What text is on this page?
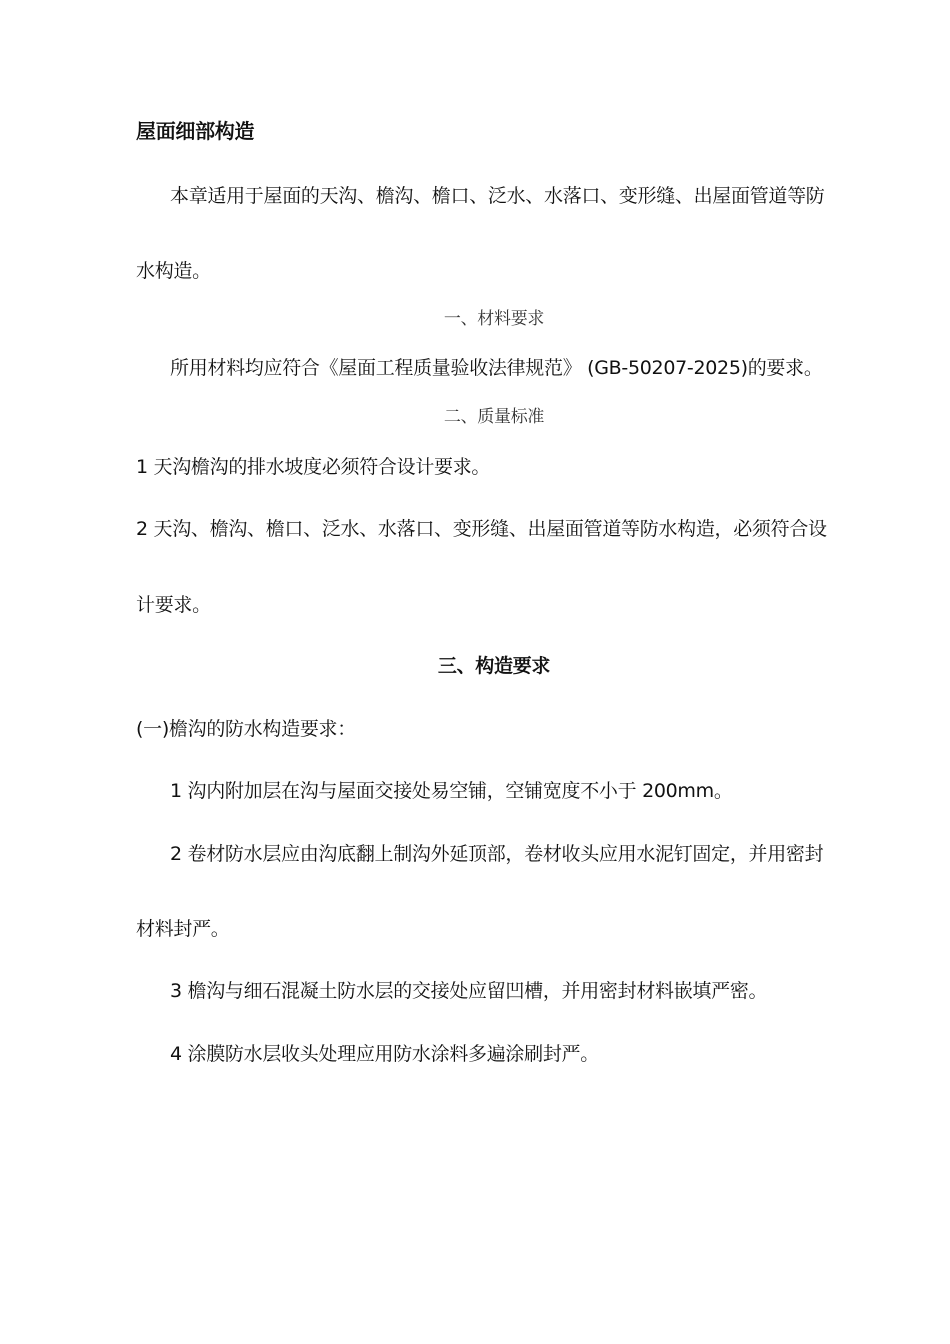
屋面细部构造
本章适用于屋面的天沟、檐沟、檐口、泛水、水落口、变形缝、出屋面管道等防
水构造。
一、材料要求
所用材料均应符合《屋面工程质量验收法律规范》 (GB-50207-2025)的要求。
二、质量标准
1 天沟檐沟的排水坡度必须符合设计要求。
2 天沟、檐沟、檐口、泛水、水落口、变形缝、出屋面管道等防水构造，必须符合设
计要求。
三、构造要求
(一)檐沟的防水构造要求：
1 沟内附加层在沟与屋面交接处易空铺，空铺宽度不小于 200mm。
2 卷材防水层应由沟底翻上制沟外延顶部，卷材收头应用水泥钉固定，并用密封
材料封严。
3 檐沟与细石混凝土防水层的交接处应留凹槽，并用密封材料嵌填严密。
4 涂膜防水层收头处理应用防水涂料多遍涂刷封严。
